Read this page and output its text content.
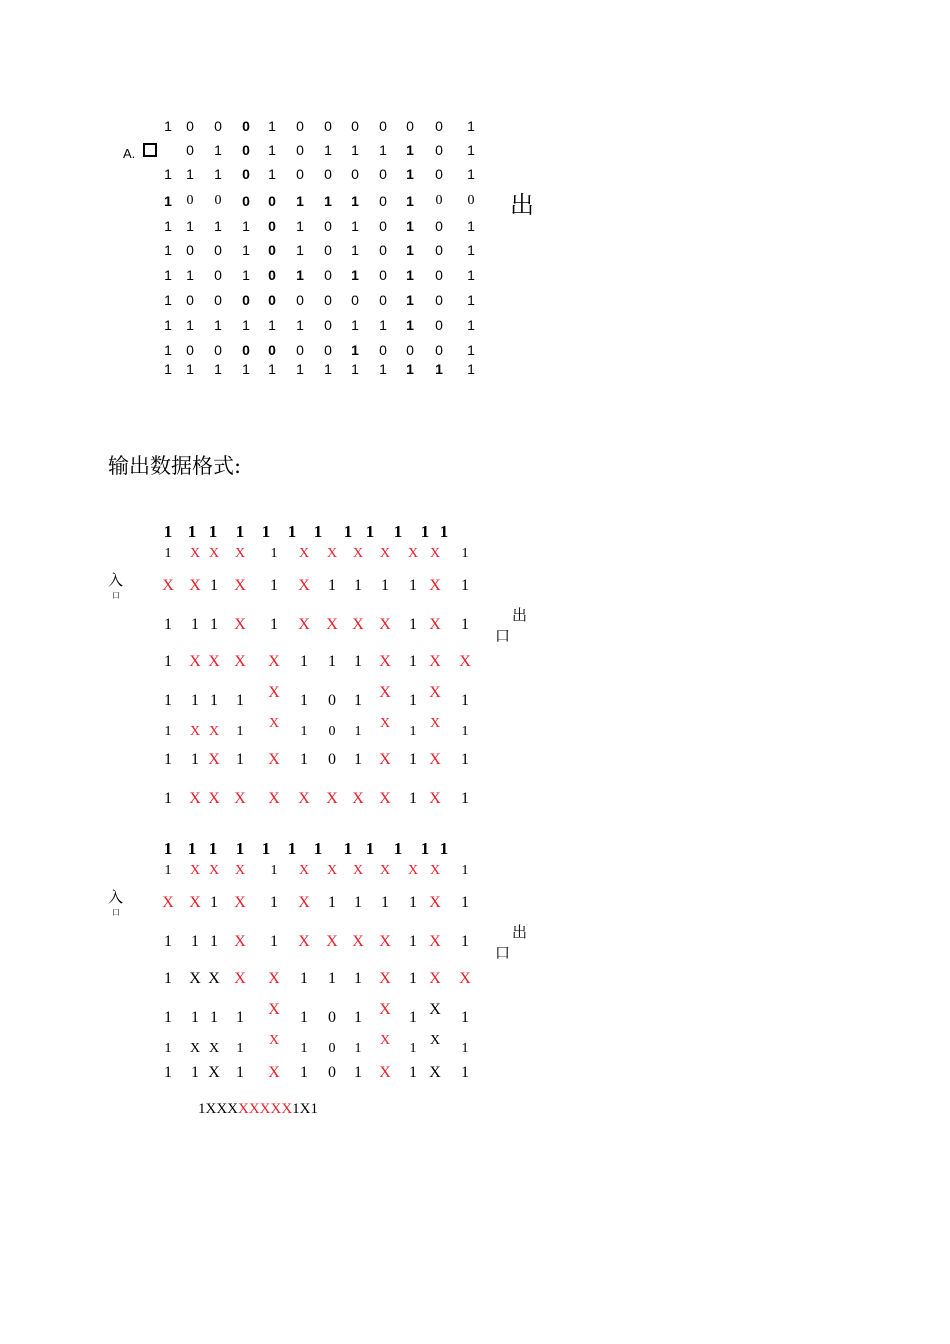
A.
1 0 0 0 1 0 0 0 0 0 0 1
0 1 0 1 0 1 1 1 1 0 1
1 1 1 0 1 0 0 0 0 1 0 1
1 0 0 0 0 1 1 1 0 1 0 0
1 1 1 1 0 1 0 1 0 1 0 1
1 0 0 1 0 1 0 1 0 1 0 1
1 1 0 1 0 1 0 1 0 1 0 1
1 0 0 0 0 0 0 0 0 1 0 1
1 1 1 1 1 1 0 1 1 1 0 1
1 0 0 0 0 0 0 1 0 0 0 1
1 1 1 1 1 1 1 1 1 1 1 1
出
输出数据格式:
1 1 1 1 1 1 1 1 1 1 1 1
1 X X X 1 X X X X X X 1
X X 1 X 1 X 1 1 1 1 X 1
1 1 1 X 1 X X X X 1 X 1
1 X X X X 1 1 1 X 1 X X
1 1 1 1 X 1 0 1 X 1 X 1
1 X X 1
X
1 0 1
X
1
X
1
1 1 X 1 X 1 0 1 X 1 X 1
1 X X X X X X X X 1 X 1
入
口
出
口
1 1 1 1 1 1 1 1 1 1 1 1
1 X X X 1 X X X X X X 1
X X 1 X 1 X 1 1 1 1 X 1
1 1 1 X 1 X X X X 1 X 1
1 X X X X 1 1 1 X 1 X X
1 1 1 1 X 1 0 1 X 1 X 1
1 X X 1
X
1 0 1
X
1
X
1
1 1 X 1 X 1 0 1 X 1 X 1
入
口
出
口
1XXXXXXXX1X1
